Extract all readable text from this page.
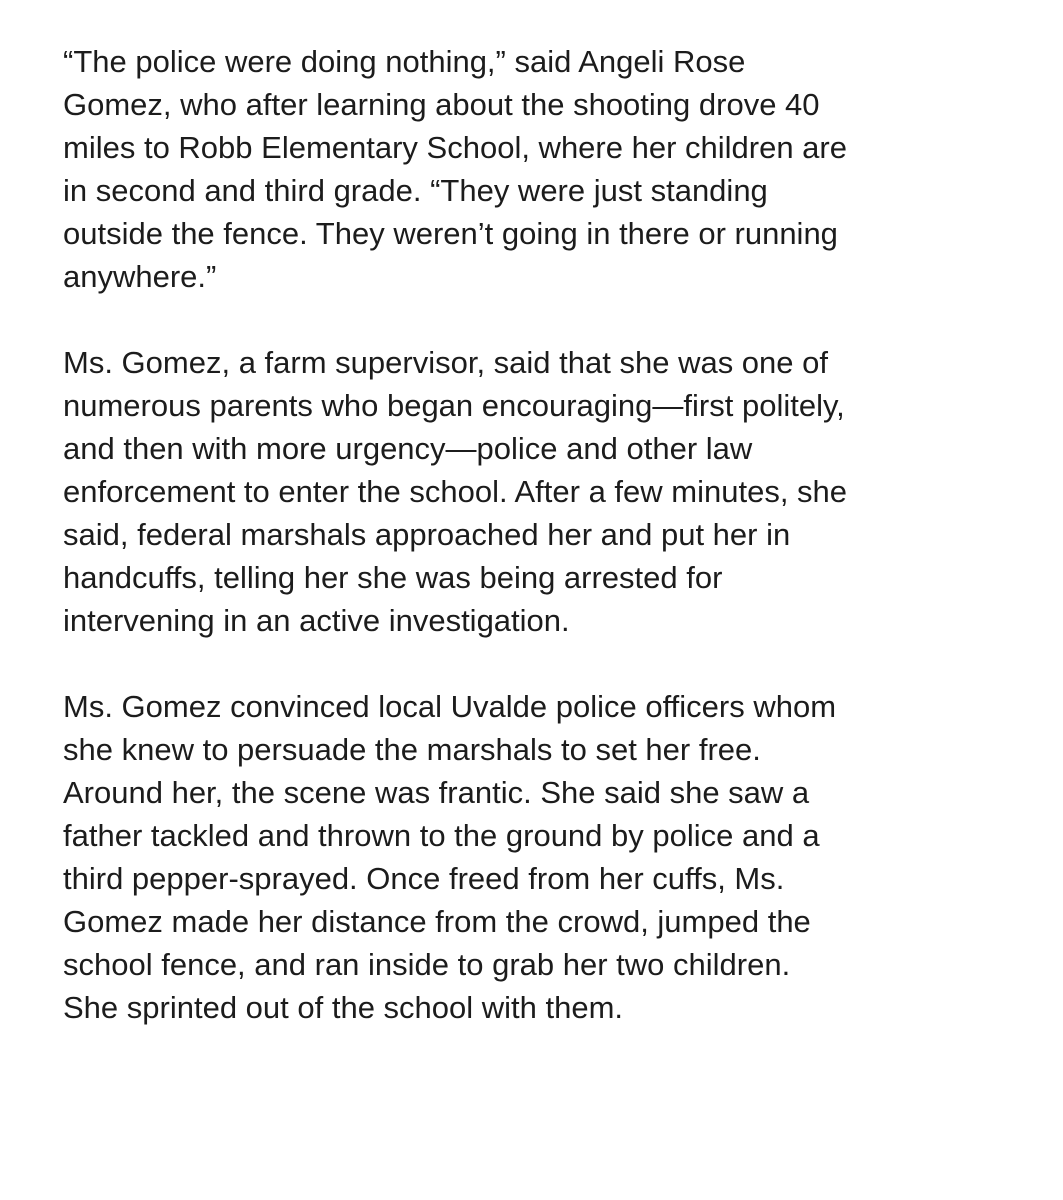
“The police were doing nothing,” said Angeli Rose
Gomez, who after learning about the shooting drove 40
miles to Robb Elementary School, where her children are
in second and third grade. “They were just standing
outside the fence. They weren’t going in there or running
anywhere.”

Ms. Gomez, a farm supervisor, said that she was one of
numerous parents who began encouraging—first politely,
and then with more urgency—police and other law
enforcement to enter the school. After a few minutes, she
said, federal marshals approached her and put her in
handcuffs, telling her she was being arrested for
intervening in an active investigation.

Ms. Gomez convinced local Uvalde police officers whom
she knew to persuade the marshals to set her free.
Around her, the scene was frantic. She said she saw a
father tackled and thrown to the ground by police and a
third pepper-sprayed. Once freed from her cuffs, Ms.
Gomez made her distance from the crowd, jumped the
school fence, and ran inside to grab her two children.
She sprinted out of the school with them.
